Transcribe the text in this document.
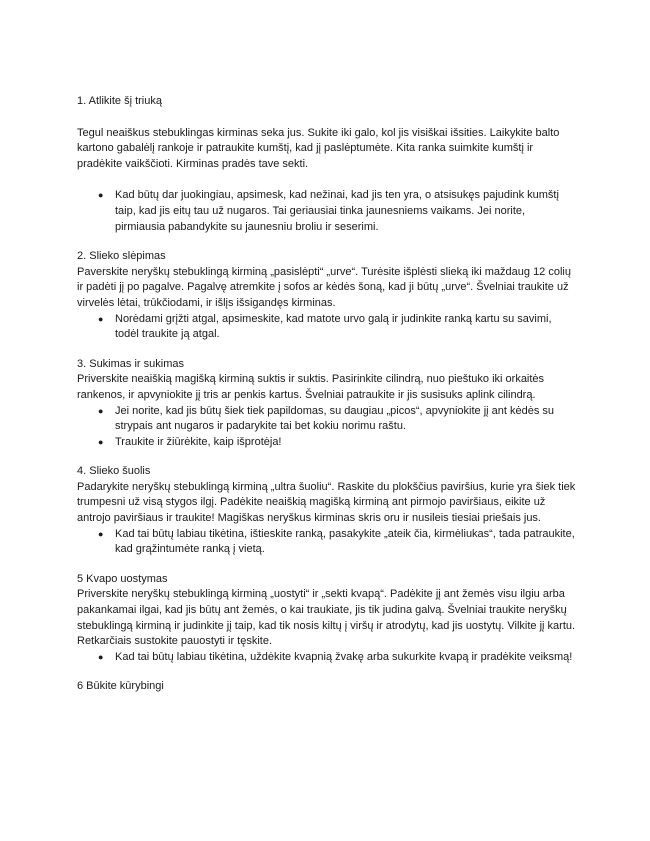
1. Atlikite šį triuką

Tegul neaiškus stebuklingas kirminas seka jus. Sukite iki galo, kol jis visiškai išsities. Laikykite balto kartono gabalėlį rankoje ir patraukite kumštį, kad jį paslėptumėte. Kita ranka suimkite kumštį ir pradėkite vaikščioti. Kirminas pradės tave sekti.

● Kad būtų dar juokingiau, apsimesk, kad nežinai, kad jis ten yra, o atsisukęs pajudink kumštį taip, kad jis eitų tau už nugaros. Tai geriausiai tinka jaunesniems vaikams. Jei norite, pirmiausia pabandykite su jaunesniu broliu ir seserimi.
2. Slieko slėpimas

Paverskite neryškų stebuklingą kirminą „pasislėpti“ „urve“. Turėsite išplėsti slieką iki maždaug 12 colių ir padėti jį po pagalve. Pagalvę atremkite į sofos ar kėdės šoną, kad ji būtų „urve“. Švelniai traukite už virvelės lėtai, trūkčiodami, ir išlįs išsigandęs kirminas.

● Norėdami grįžti atgal, apsimeskite, kad matote urvo galą ir judinkite ranką kartu su savimi, todėl traukite ją atgal.
3. Sukimas ir sukimas

Priverskite neaiškią magišką kirminą suktis ir suktis. Pasirinkite cilindrą, nuo pieštuko iki orkaitės rankenos, ir apvyniokite jį tris ar penkis kartus. Švelniai patraukite ir jis susisuks aplink cilindrą.

● Jei norite, kad jis būtų šiek tiek papildomas, su daugiau „picos“, apvyniokite jį ant kėdės su strypais ant nugaros ir padarykite tai bet kokiu norimu raštu.
● Traukite ir žiūrėkite, kaip išprotėja!
4. Slieko šuolis

Padarykite neryškų stebuklingą kirminą „ultra šuoliu“. Raskite du plokščius paviršius, kurie yra šiek tiek trumpesni už visą stygos ilgį. Padėkite neaiškią magišką kirminą ant pirmojo paviršiaus, eikite už antrojo paviršiaus ir traukite! Magiškas neryškus kirminas skris oru ir nusileis tiesiai priešais jus.

● Kad tai būtų labiau tikėtina, ištieskite ranką, pasakykite „ateik čia, kirmėliukas“, tada patraukite, kad grąžintumėte ranką į vietą.
5 Kvapo uostymas

Priverskite neryškų stebuklingą kirminą „uostyti“ ir „sekti kvapą“. Padėkite jį ant žemės visu ilgiu arba pakankamai ilgai, kad jis būtų ant žemės, o kai traukiate, jis tik judina galvą. Švelniai traukite neryškų stebuklingą kirminą ir judinkite jį taip, kad tik nosis kiltų į viršų ir atrodytų, kad jis uostytų. Vilkite jį kartu. Retkarčiais sustokite pauostyti ir tęskite.

● Kad tai būtų labiau tikėtina, uždėkite kvapnią žvakę arba sukurkite kvapą ir pradėkite veiksmą!
6 Būkite kūrybingi
